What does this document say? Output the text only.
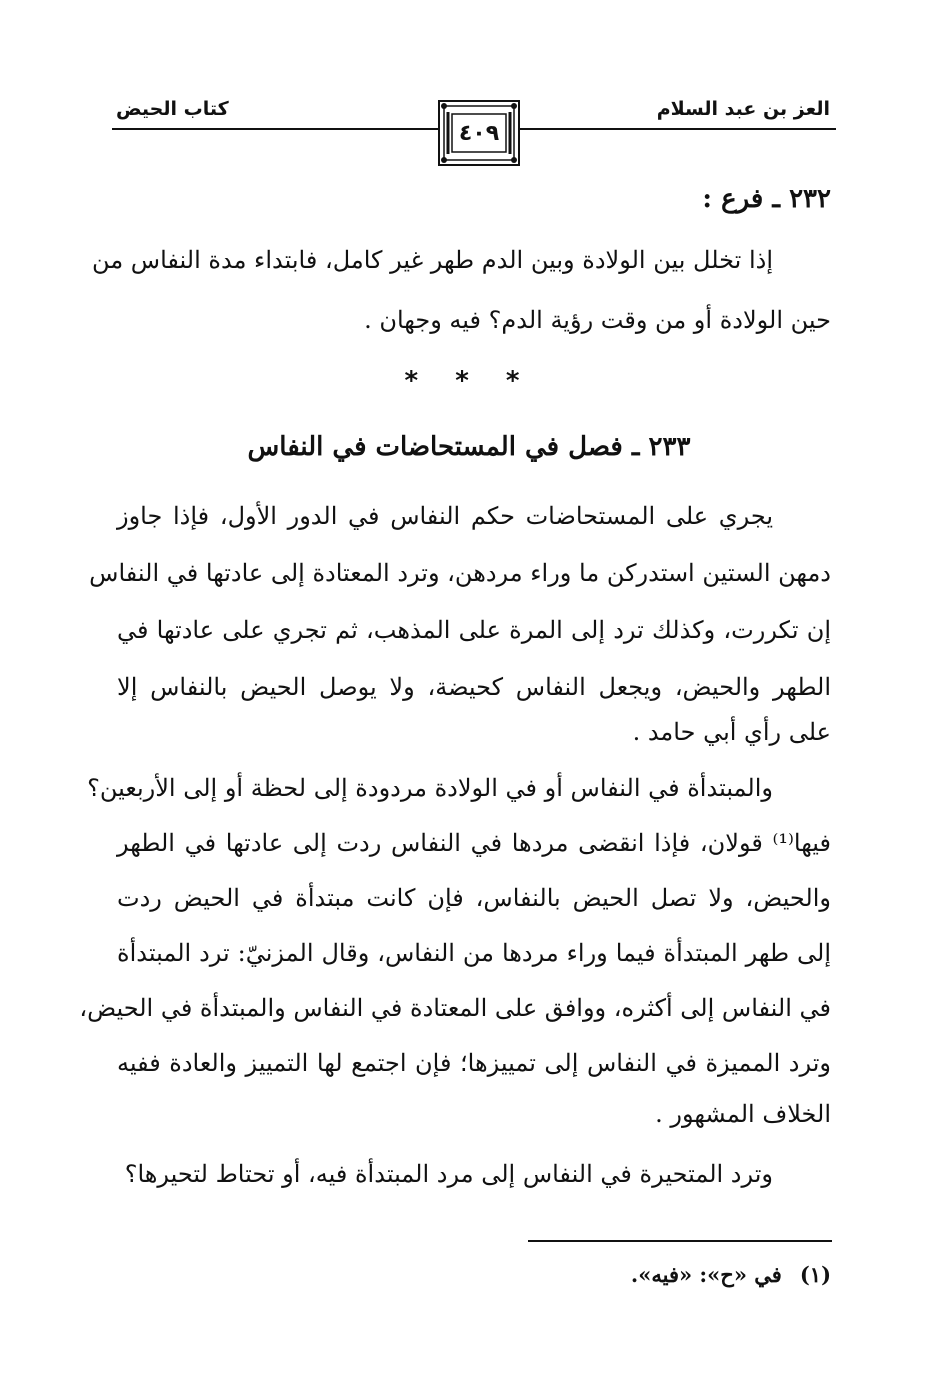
العز بن عبد السلام
كتاب الحيض
٤٠٩
٢٣٢ ـ فرع :
إذا تخلل بين الولادة وبين الدم طهر غير كامل، فابتداء مدة النفاس من
حين الولادة أو من وقت رؤية الدم؟ فيه وجهان .
* * *
٢٣٣ ـ فصل في المستحاضات في النفاس
يجري على المستحاضات حكم النفاس في الدور الأول، فإذا جاوز
دمهن الستين استدركن ما وراء مردهن، وترد المعتادة إلى عادتها في النفاس
إن تكررت، وكذلك ترد إلى المرة على المذهب، ثم تجري على عادتها في
الطهر والحيض، ويجعل النفاس كحيضة، ولا يوصل الحيض بالنفاس إلا
على رأي أبي حامد .
والمبتدأة في النفاس أو في الولادة مردودة إلى لحظة أو إلى الأربعين؟
فيها⁽¹⁾ قولان، فإذا انقضى مردها في النفاس ردت إلى عادتها في الطهر
والحيض، ولا تصل الحيض بالنفاس، فإن كانت مبتدأة في الحيض ردت
إلى طهر المبتدأة فيما وراء مردها من النفاس، وقال المزنيّ: ترد المبتدأة
في النفاس إلى أكثره، ووافق على المعتادة في النفاس والمبتدأة في الحيض،
وترد المميزة في النفاس إلى تمييزها؛ فإن اجتمع لها التمييز والعادة ففيه
الخلاف المشهور .
وترد المتحيرة في النفاس إلى مرد المبتدأة فيه، أو تحتاط لتحيرها؟
(١)في «ح»: «فيه».
